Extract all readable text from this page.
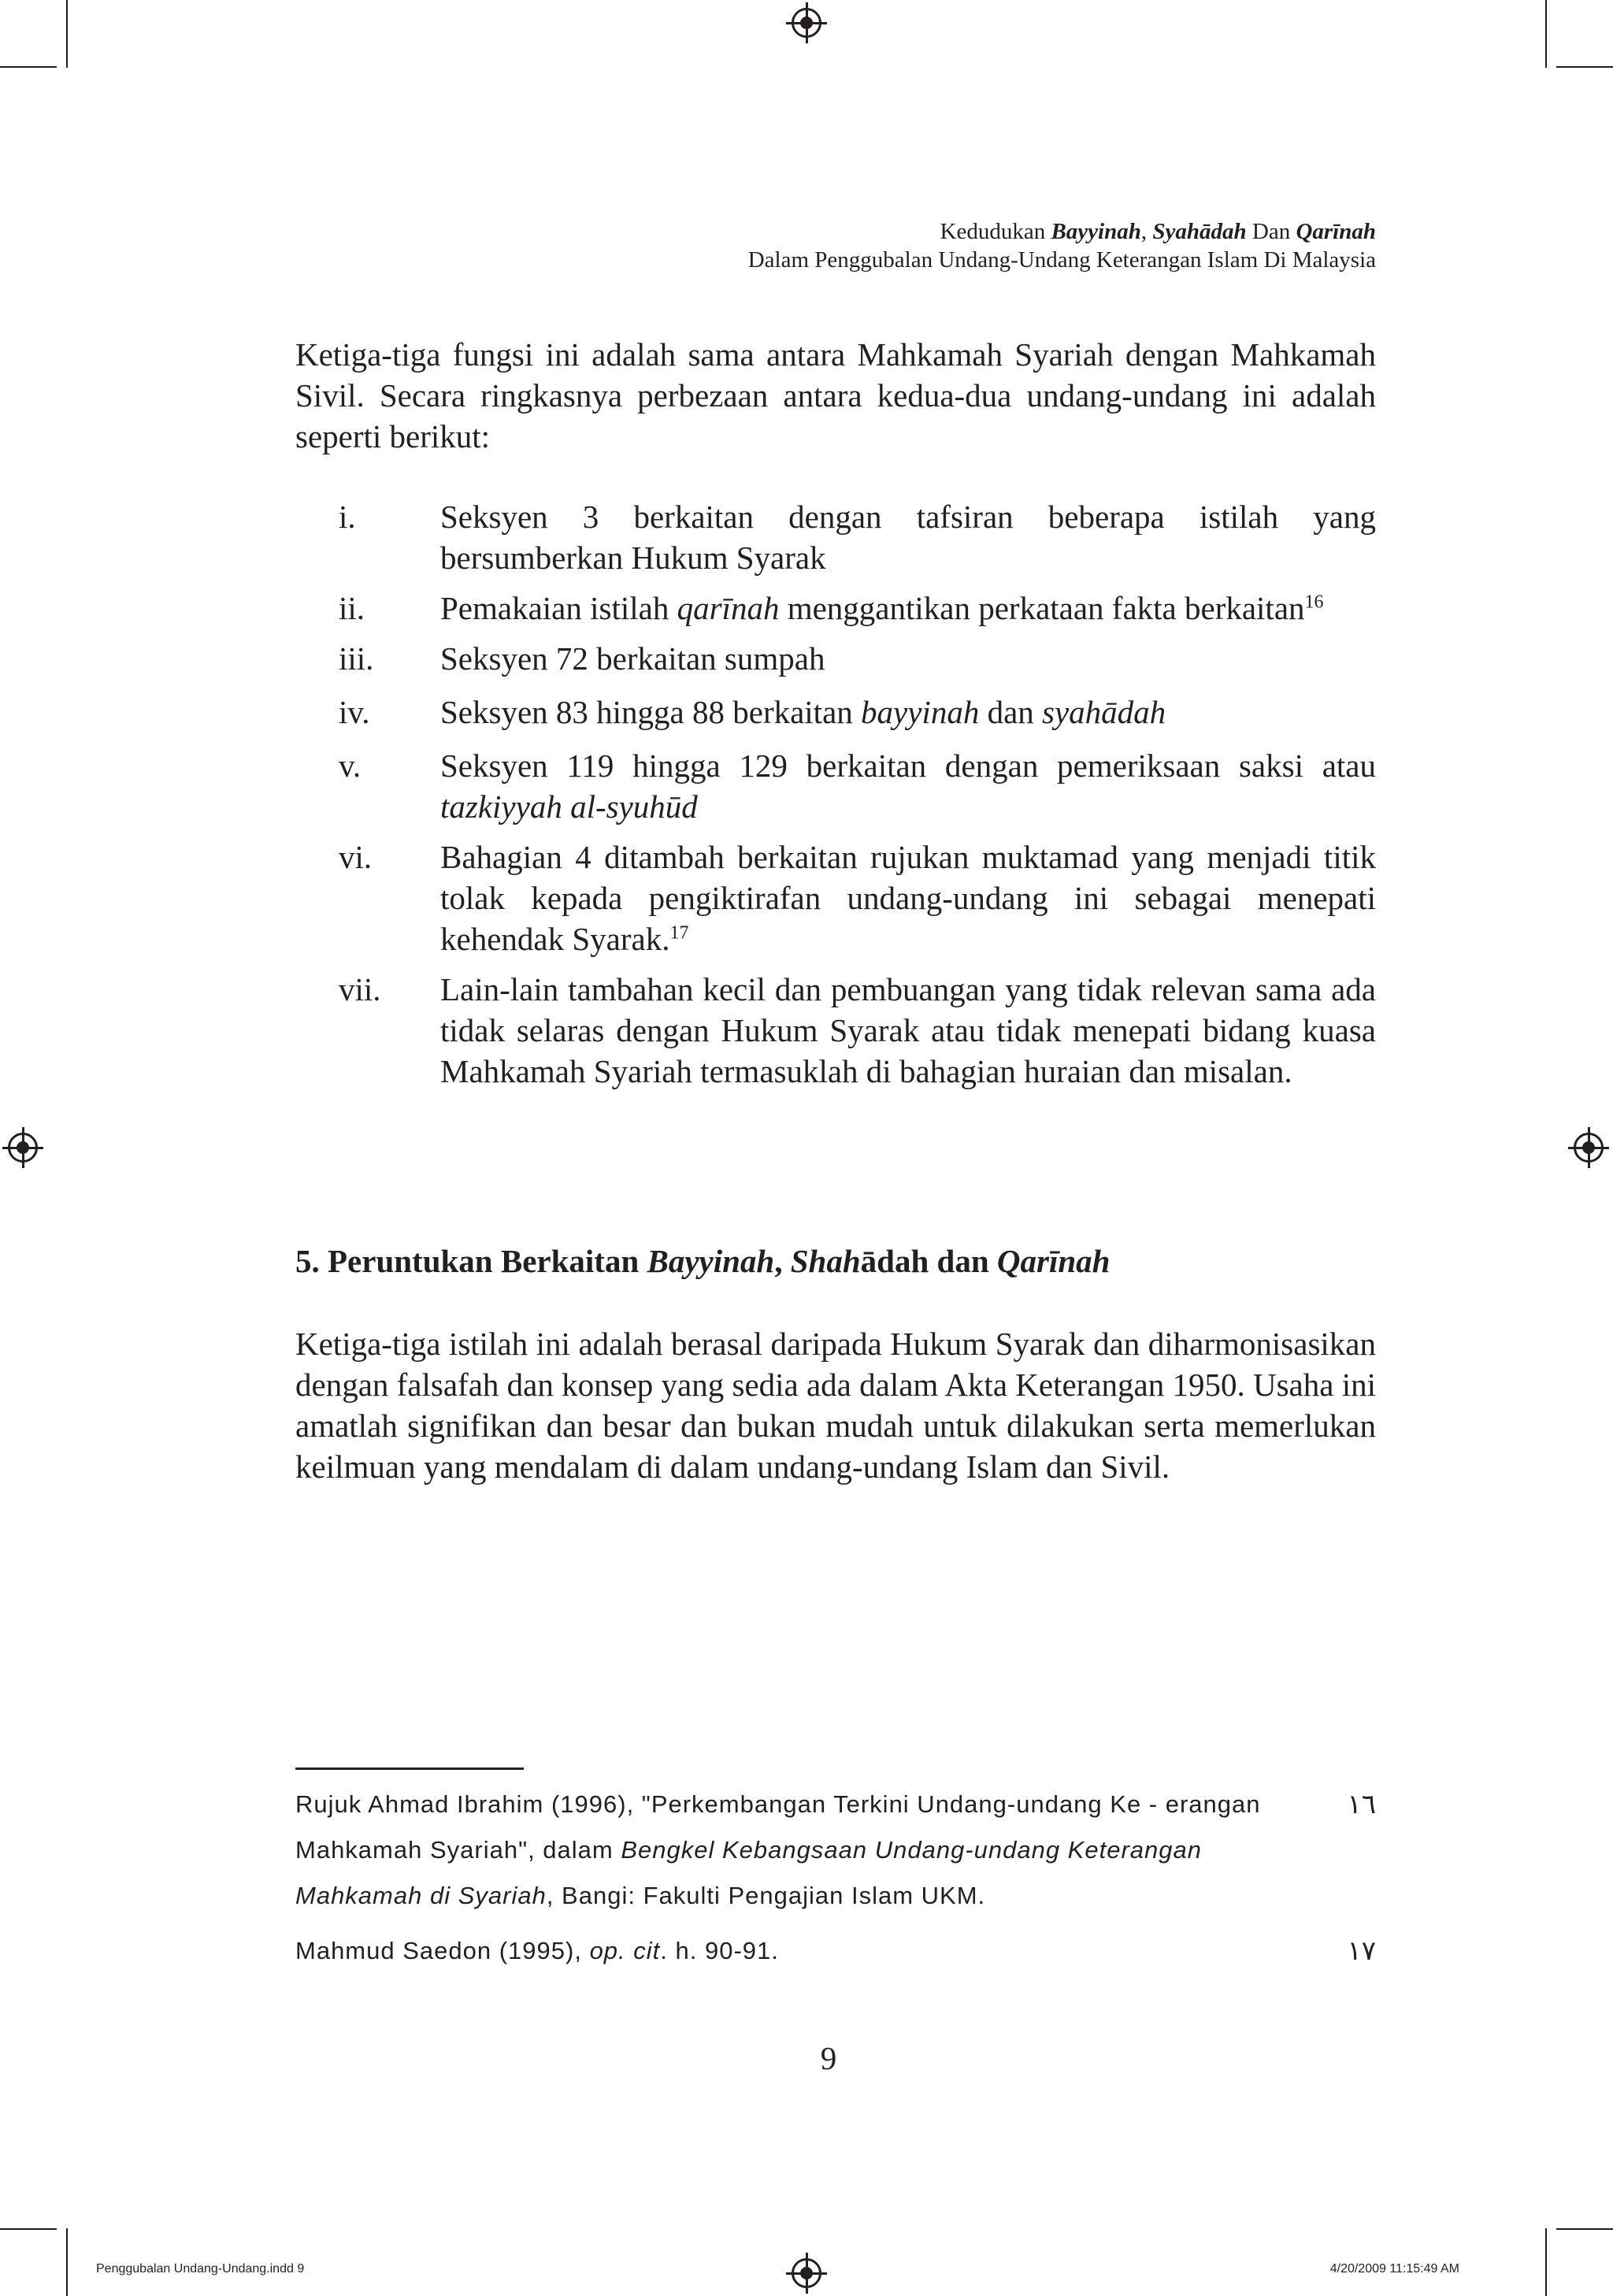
Kedudukan Bayyinah, Syahādah Dan Qarīnah
Dalam Penggubalan Undang-Undang Keterangan Islam Di Malaysia

Ketiga-tiga fungsi ini adalah sama antara Mahkamah Syariah dengan Mahkamah Sivil. Secara ringkasnya perbezaan antara kedua-dua undang-undang ini adalah seperti berikut:

i.	Seksyen 3 berkaitan dengan tafsiran beberapa istilah yang bersumberkan Hukum Syarak
ii. Pemakaian istilah qarīnah menggantikan perkataan fakta berkaitan$^{16}$
iii. Seksyen 72 berkaitan sumpah
iv. Seksyen 83 hingga 88 berkaitan bayyinah dan syahādah
v. Seksyen 119 hingga 129 berkaitan dengan pemeriksaan saksi atau tazkiyyah al-syuhūd
vi. Bahagian 4 ditambah berkaitan rujukan muktamad yang menjadi titik tolak kepada pengiktirafan undang-undang ini sebagai menepati kehendak Syarak.$^{17}$
vii. Lain-lain tambahan kecil dan pembuangan yang tidak relevan sama ada tidak selaras dengan Hukum Syarak atau tidak menepati bidang kuasa Mahkamah Syariah termasuklah di bahagian huraian dan misalan.
5. Peruntukan Berkaitan Bayyinah, Shahādah dan Qarīnah

Ketiga-tiga istilah ini adalah berasal daripada Hukum Syarak dan diharmonisasikan dengan falsafah dan konsep yang sedia ada dalam Akta Keterangan 1950. Usaha ini amatlah signifikan dan besar dan bukan mudah untuk dilakukan serta memerlukan keilmuan yang mendalam di dalam undang-undang Islam dan Sivil.

١٦
Rujuk Ahmad Ibrahim (1996), "Perkembangan Terkini Undang-undang Ke - erangan Mahkamah Syariah", dalam Bengkel Kebangsaan Undang-undang Keterangan Mahkamah di Syariah, Bangi: Fakulti Pengajian Islam UKM.
١٧
Mahmud Saedon (1995), op. cit. h. 90-91.
9
Penggubalan Undang-Undang.indd 9	4/20/2009 11:15:49 AM
